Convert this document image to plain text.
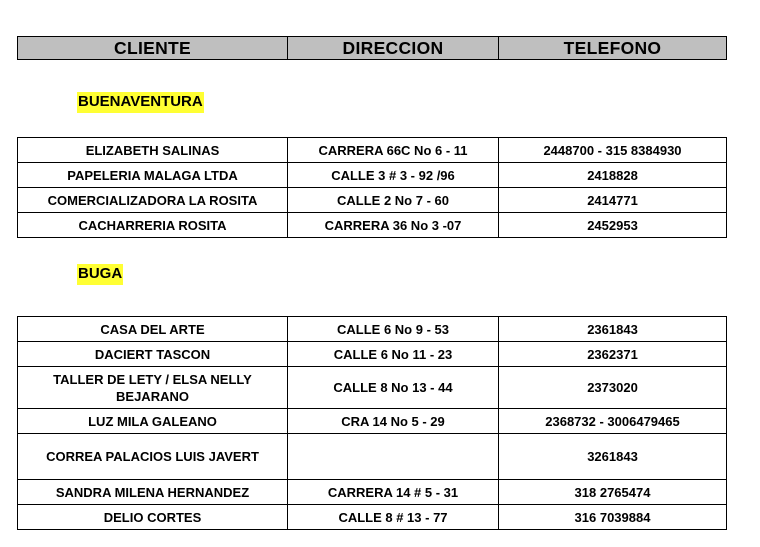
CLIENTE	DIRECCION	TELEFONO
BUENAVENTURA
ELIZABETH SALINAS	CARRERA 66C No 6 - 11	2448700 - 315 8384930
PAPELERIA MALAGA LTDA	CALLE 3 # 3 - 92 /96	2418828
COMERCIALIZADORA LA ROSITA	CALLE 2 No 7 - 60	2414771
CACHARRERIA ROSITA	CARRERA 36 No 3 -07	2452953
BUGA
CASA DEL ARTE	CALLE 6 No 9 - 53	2361843
DACIERT TASCON	CALLE 6 No 11 - 23	2362371
TALLER DE LETY / ELSA NELLY BEJARANO	CALLE 8 No 13 - 44	2373020
LUZ MILA GALEANO	CRA 14 No 5 - 29	2368732 - 3006479465
CORREA PALACIOS LUIS JAVERT		3261843
SANDRA MILENA HERNANDEZ	CARRERA 14 # 5 - 31	318 2765474
DELIO CORTES	CALLE 8 # 13 - 77	316 7039884
